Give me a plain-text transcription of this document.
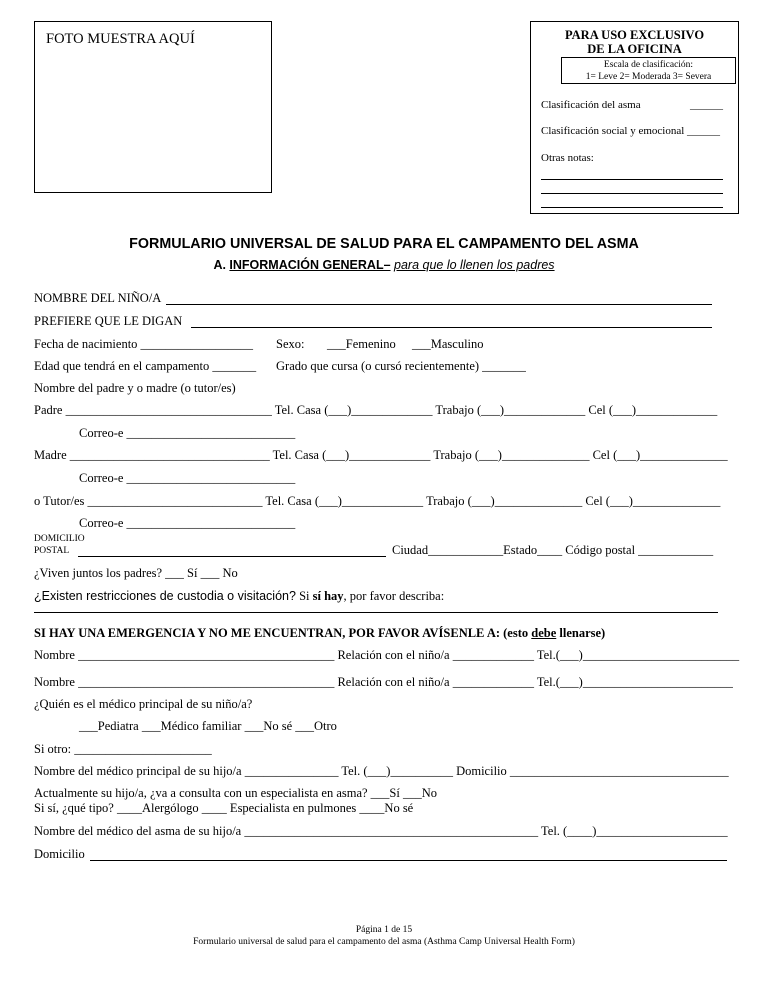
FOTO MUESTRA AQUÍ	PARA USO EXCLUSIVO
DE LA OFICINA
Escala de clasificación:
1= Leve 2= Moderada 3= Severa
Clasificación del asma	______
Clasificación social y emocional ______
Otras notas:
FORMULARIO UNIVERSAL DE SALUD PARA EL CAMPAMENTO DEL ASMA
A. INFORMACIÓN GENERAL– para que lo llenen los padres
NOMBRE DEL NIÑO/A
PREFIERE QUE LE DIGAN
Fecha de nacimiento __________________ Sexo: ___Femenino ___Masculino
Edad que tendrá en el campamento _______ Grado que cursa (o cursó recientemente) _______
Nombre del padre y o madre (o tutor/es)
Padre _________________________________ Tel. Casa (___)_____________ Trabajo (___)_____________ Cel (___)_____________
Correo-e ___________________________
Madre ________________________________ Tel. Casa (___)_____________ Trabajo (___)______________ Cel (___)______________
Correo-e ___________________________
o Tutor/es ____________________________ Tel. Casa (___)_____________ Trabajo (___)______________ Cel (___)______________
Correo-e ___________________________
DOMICILIO
POSTAL	Ciudad____________Estado____ Código postal ____________
¿Viven juntos los padres? ___ Sí ___ No
¿Existen restricciones de custodia o visitación? Si sí hay, por favor describa:
SI HAY UNA EMERGENCIA Y NO ME ENCUENTRAN, POR FAVOR AVÍSENLE A: (esto debe llenarse)
Nombre _________________________________________ Relación con el niño/a _____________ Tel.(___)_________________________
Nombre _________________________________________ Relación con el niño/a _____________ Tel.(___)________________________
¿Quién es el médico principal de su niño/a?
___Pediatra ___Médico familiar ___No sé ___Otro
Si otro: ______________________
Nombre del médico principal de su hijo/a _______________ Tel. (___)__________ Domicilio ___________________________________
Actualmente su hijo/a, ¿va a consulta con un especialista en asma? ___Sí ___No
Si sí, ¿qué tipo? ____Alergólogo ____ Especialista en pulmones ____No sé
Nombre del médico del asma de su hijo/a _______________________________________________ Tel. (____)_____________________
Domicilio
Página 1 de 15
Formulario universal de salud para el campamento del asma (Asthma Camp Universal Health Form)
